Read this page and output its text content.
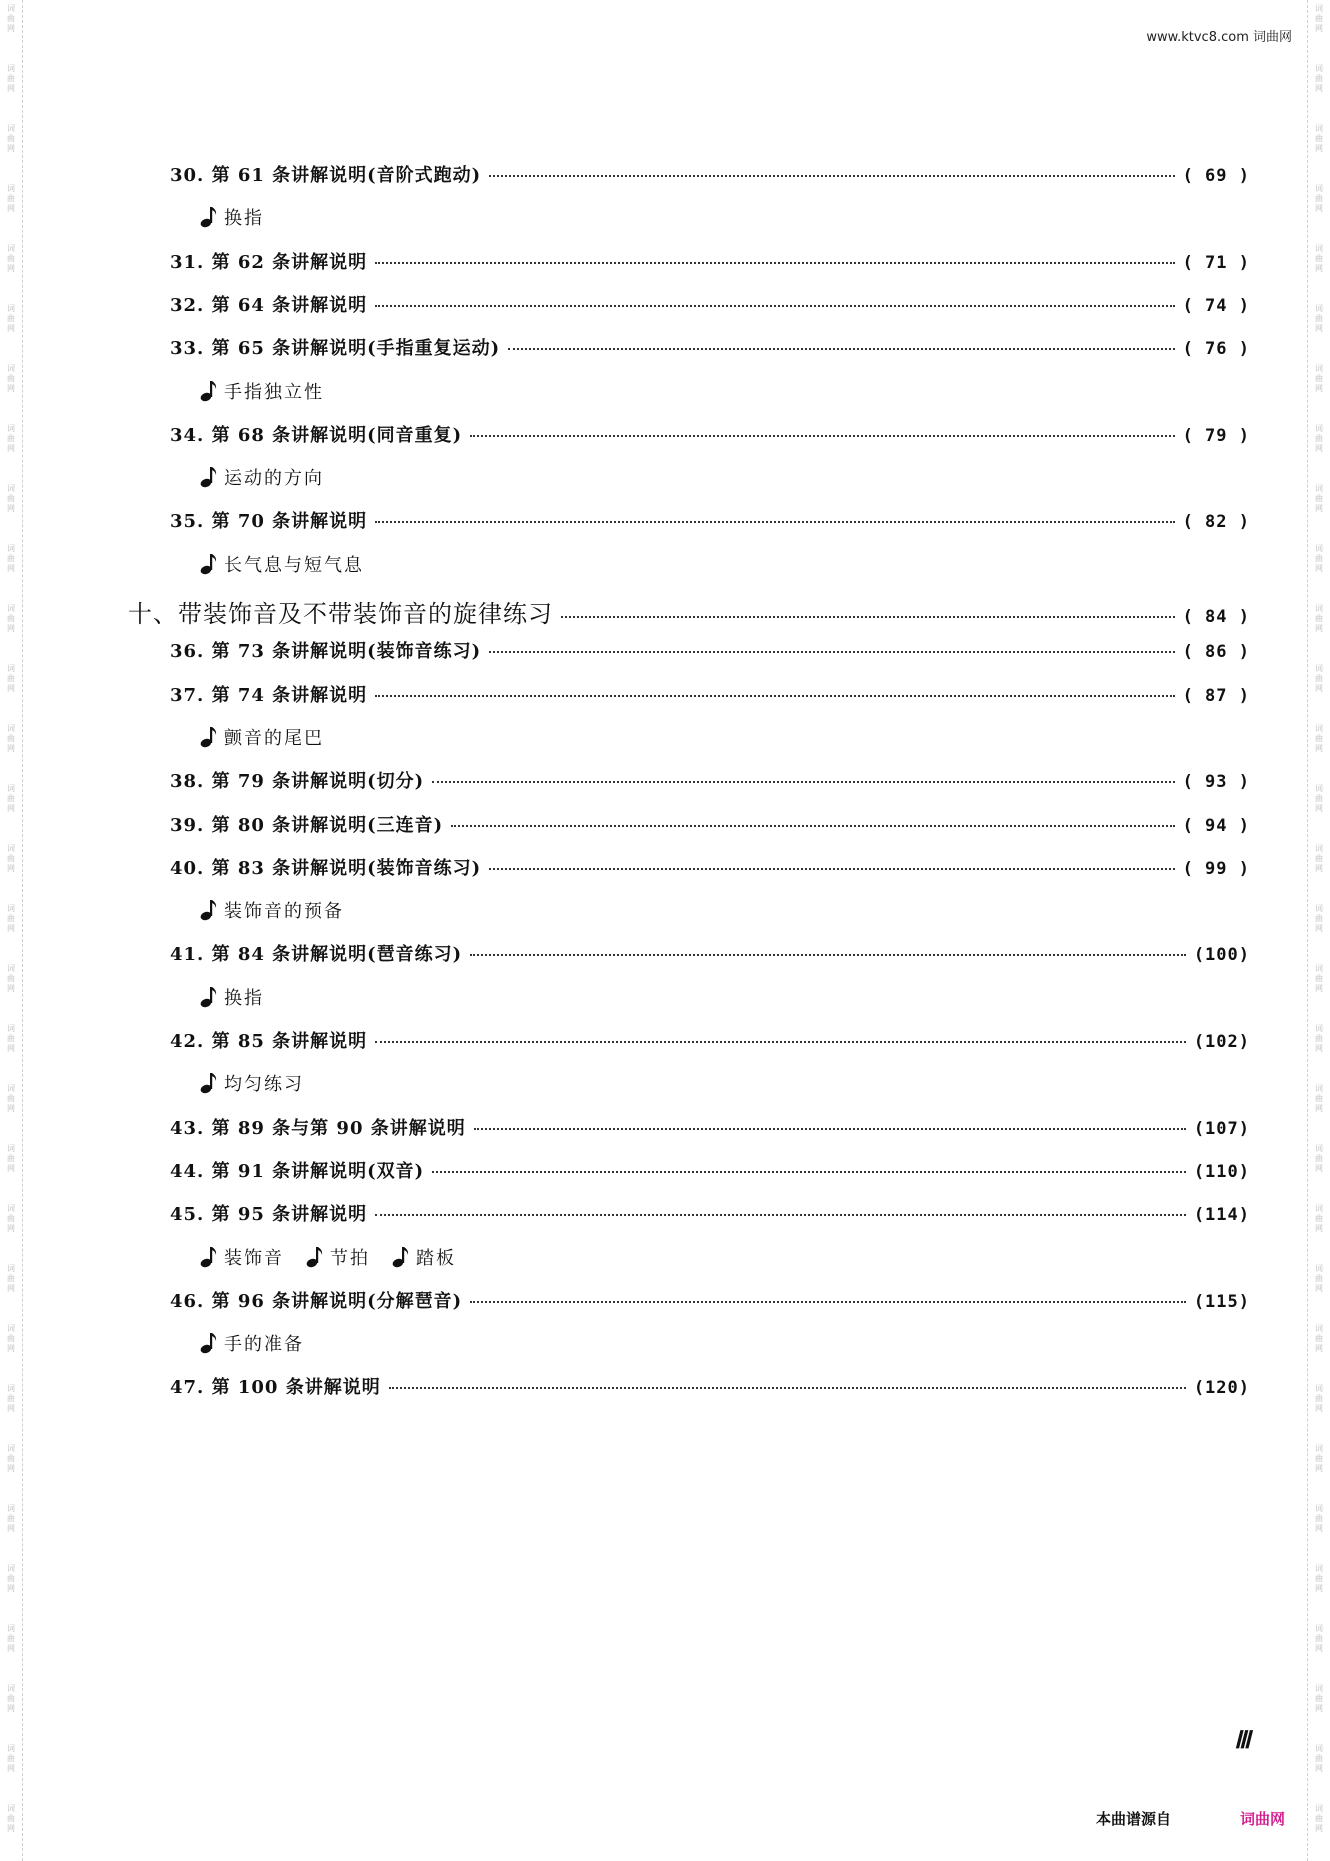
词
曲
网
词
曲
网
词
曲
网
词
曲
网
词
曲
网
词
曲
网
词
曲
网
词
曲
网
词
曲
网
词
曲
网
词
曲
网
词
曲
网
词
曲
网
词
曲
网
词
曲
网
词
曲
网
词
曲
网
词
曲
网
词
曲
网
词
曲
网
词
曲
网
词
曲
网
词
曲
网
词
曲
网
词
曲
网
词
曲
网
词
曲
网
词
曲
网
词
曲
网
词
曲
网
词
曲
网
词
曲
网
词
曲
网
词
曲
网
词
曲
网
词
曲
网
词
曲
网
词
曲
网
词
曲
网
词
曲
网
词
曲
网
词
曲
网
词
曲
网
词
曲
网
词
曲
网
词
曲
网
词
曲
网
词
曲
网
词
曲
网
词
曲
网
词
曲
网
词
曲
网
词
曲
网
词
曲
网
词
曲
网
词
曲
网
词
曲
网
词
曲
网
词
曲
网
词
曲
网
词
曲
网
词
曲
网
www.ktvc8.com 词曲网
30. 第 61 条讲解说明(音阶式跑动)	( 69 )
换指
31. 第 62 条讲解说明	( 71 )
32. 第 64 条讲解说明	( 74 )
33. 第 65 条讲解说明(手指重复运动)	( 76 )
手指独立性
34. 第 68 条讲解说明(同音重复)	( 79 )
运动的方向
35. 第 70 条讲解说明	( 82 )
长气息与短气息
十、带装饰音及不带装饰音的旋律练习	( 84 )
36. 第 73 条讲解说明(装饰音练习)	( 86 )
37. 第 74 条讲解说明	( 87 )
颤音的尾巴
38. 第 79 条讲解说明(切分)	( 93 )
39. 第 80 条讲解说明(三连音)	( 94 )
40. 第 83 条讲解说明(装饰音练习)	( 99 )
装饰音的预备
41. 第 84 条讲解说明(琶音练习)	(100)
换指
42. 第 85 条讲解说明	(102)
均匀练习
43. 第 89 条与第 90 条讲解说明	(107)
44. 第 91 条讲解说明(双音)	(110)
45. 第 95 条讲解说明	(114)
装饰音	节拍	踏板
46. 第 96 条讲解说明(分解琶音)	(115)
手的准备
47. 第 100 条讲解说明	(120)
Ⅲ
本曲谱源自	词曲网
